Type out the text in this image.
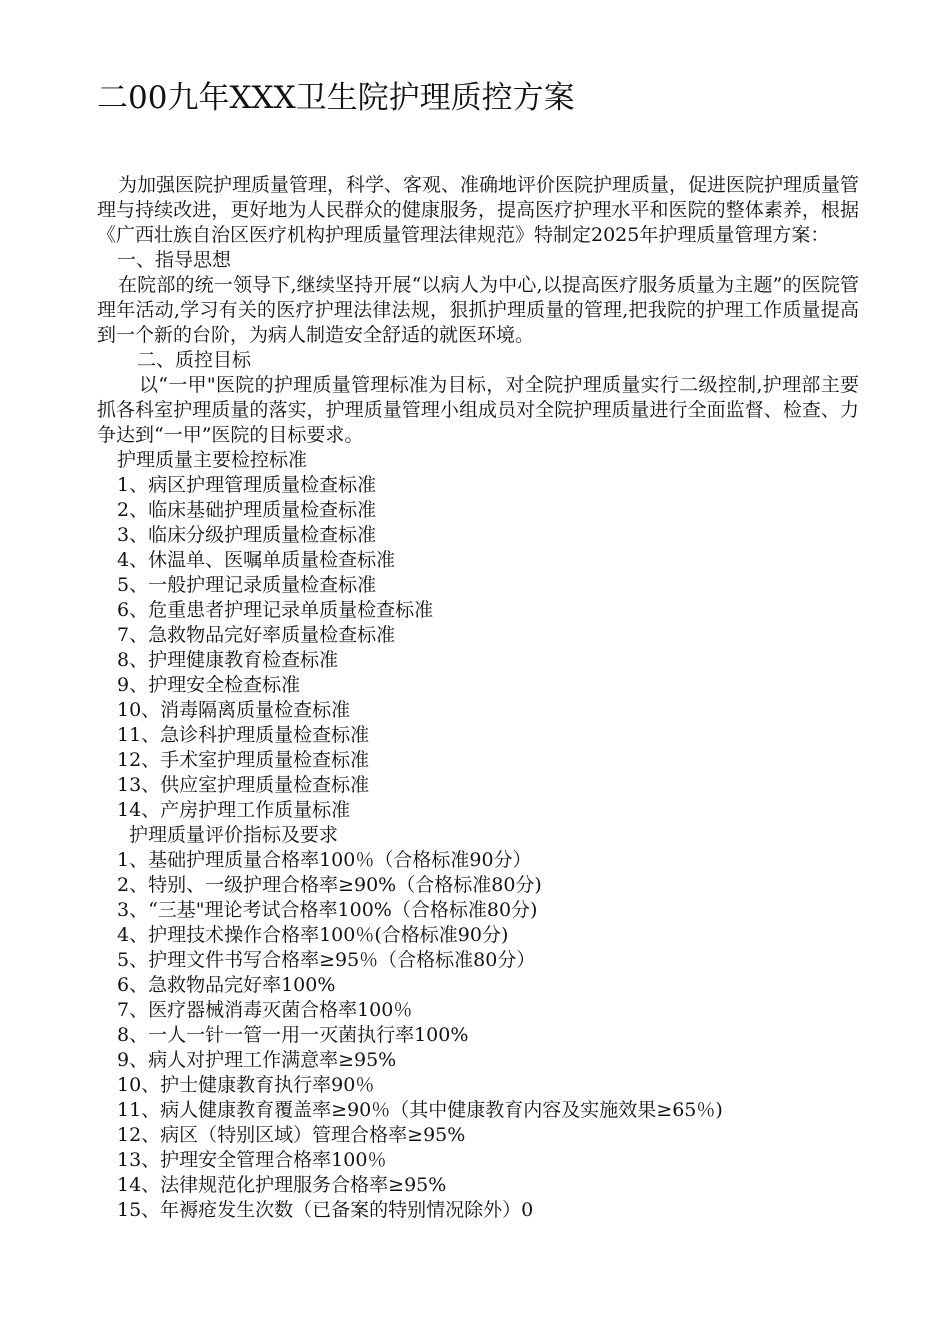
二00九年XXX卫生院护理质控方案

为加强医院护理质量管理，科学、客观、准确地评价医院护理质量，促进医院护理质量管理与持续改进，更好地为人民群众的健康服务，提高医疗护理水平和医院的整体素养，根据《广西壮族自治区医疗机构护理质量管理法律规范》特制定2025年护理质量管理方案：

一、指导思想

在院部的统一领导下,继续坚持开展“以病人为中心,以提高医疗服务质量为主题”的医院管理年活动,学习有关的医疗护理法律法规，狠抓护理质量的管理,把我院的护理工作质量提高到一个新的台阶，为病人制造安全舒适的就医环境。

二、质控目标

以“一甲"医院的护理质量管理标准为目标，对全院护理质量实行二级控制,护理部主要抓各科室护理质量的落实，护理质量管理小组成员对全院护理质量进行全面监督、检查、力争达到“一甲”医院的目标要求。

护理质量主要检控标准

1、病区护理管理质量检查标准

2、临床基础护理质量检查标准

3、临床分级护理质量检查标准

4、休温单、医嘱单质量检查标准

5、一般护理记录质量检查标准

6、危重患者护理记录单质量检查标准

7、急救物品完好率质量检查标准

8、护理健康教育检查标准

9、护理安全检查标准

10、消毒隔离质量检查标准

11、急诊科护理质量检查标准

12、手术室护理质量检查标准

13、供应室护理质量检查标准

14、产房护理工作质量标准

护理质量评价指标及要求

1、基础护理质量合格率100％（合格标准90分）

2、特别、一级护理合格率≥90%（合格标准80分)

3、“三基"理论考试合格率100%（合格标准80分)

4、护理技术操作合格率100％(合格标准90分)

5、护理文件书写合格率≥95％（合格标准80分）

6、急救物品完好率100%

7、医疗器械消毒灭菌合格率100％

8、一人一针一管一用一灭菌执行率100%

9、病人对护理工作满意率≥95%

10、护士健康教育执行率90％

11、病人健康教育覆盖率≥90％（其中健康教育内容及实施效果≥65％)

12、病区（特别区域）管理合格率≥95%

13、护理安全管理合格率100％

14、法律规范化护理服务合格率≥95%

15、年褥疮发生次数（已备案的特别情况除外）0
